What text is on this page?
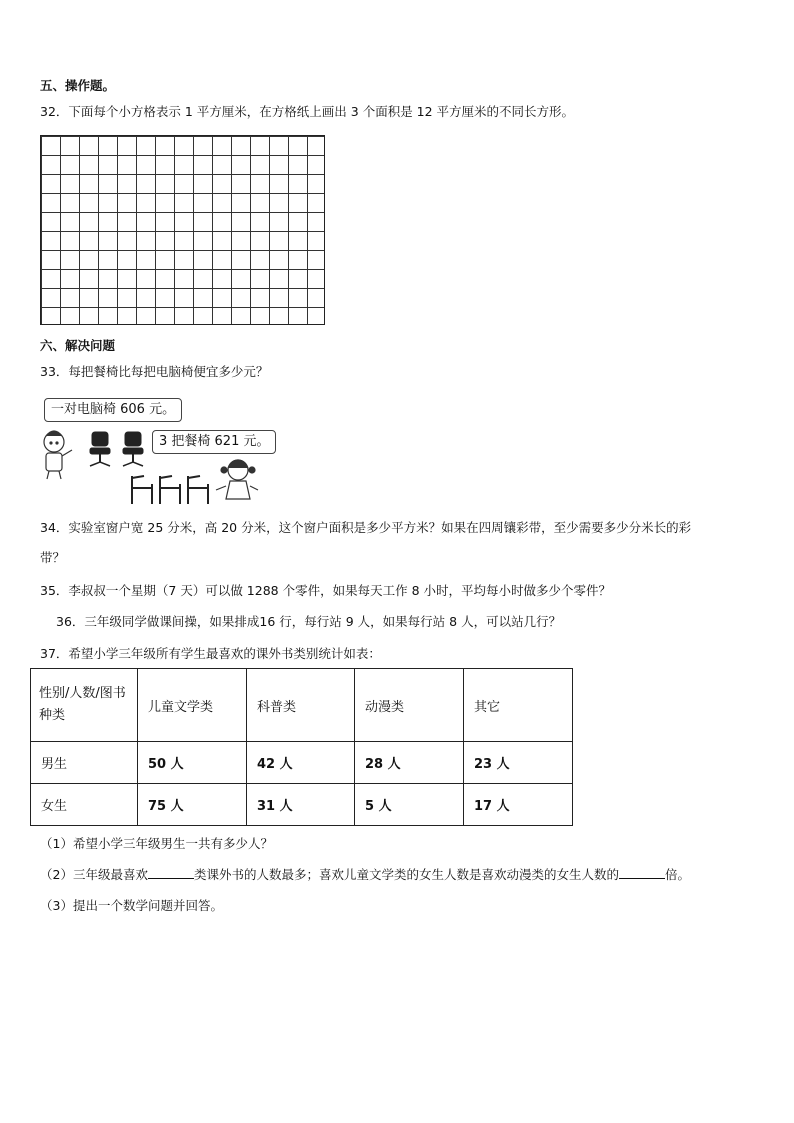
五、操作题。
32．下面每个小方格表示 1 平方厘米，在方格纸上画出 3 个面积是 12 平方厘米的不同长方形。
六、解决问题
33．每把餐椅比每把电脑椅便宜多少元？
一对电脑椅 606 元。
3 把餐椅 621 元。
34．实验室窗户宽 25 分米，高 20 分米，这个窗户面积是多少平方米？如果在四周镶彩带，至少需要多少分米长的彩
带？
35．李叔叔一个星期（7 天）可以做 1288 个零件，如果每天工作 8 小时，平均每小时做多少个零件？
36．三年级同学做课间操，如果排成16 行，每行站 9 人，如果每行站 8 人，可以站几行？
37．希望小学三年级所有学生最喜欢的课外书类别统计如表：
性别/人数/图书
种类	儿童文学类	科普类	动漫类	其它
男生	50 人	42 人	28 人	23 人
女生	75 人	31 人	5 人	17 人
（1）希望小学三年级男生一共有多少人？
（2）三年级最喜欢	类课外书的人数最多；喜欢儿童文学类的女生人数是喜欢动漫类的女生人数的	倍。
（3）提出一个数学问题并回答。
